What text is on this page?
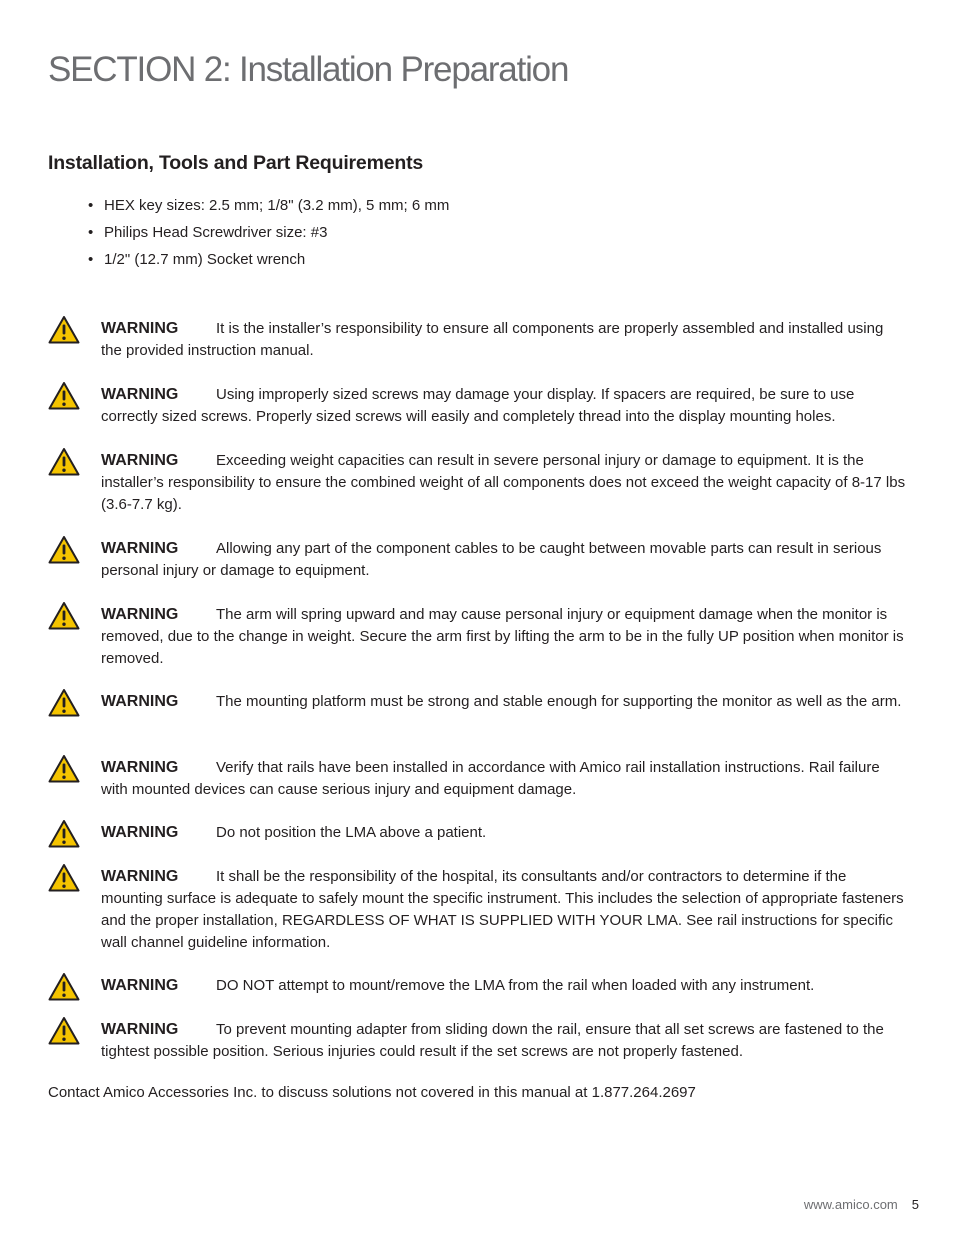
SECTION 2: Installation Preparation
Installation, Tools and Part Requirements
• HEX key sizes: 2.5 mm; 1/8" (3.2 mm), 5 mm; 6 mm
• Philips Head Screwdriver size: #3
• 1/2" (12.7 mm) Socket wrench

WARNING	It is the installer’s responsibility to ensure all components are properly assembled and installed using the provided instruction manual.

WARNING	Using improperly sized screws may damage your display. If spacers are required, be sure to use correctly sized screws. Properly sized screws will easily and completely thread into the display mounting holes.

WARNING	Exceeding weight capacities can result in severe personal injury or damage to equipment. It is the installer’s responsibility to ensure the combined weight of all components does not exceed the weight capacity of 8-17 lbs (3.6-7.7 kg).

WARNING	Allowing any part of the component cables to be caught between movable parts can result in serious personal injury or damage to equipment.

WARNING	The arm will spring upward and may cause personal injury or equipment damage when the monitor is removed, due to the change in weight. Secure the arm first by lifting the arm to be in the fully UP position when monitor is removed.

WARNING	The mounting platform must be strong and stable enough for supporting the monitor as well as the arm.

WARNING	Verify that rails have been installed in accordance with Amico rail installation instructions. Rail failure with mounted devices can cause serious injury and equipment damage.

WARNING	Do not position the LMA above a patient.

WARNING	It shall be the responsibility of the hospital, its consultants and/or contractors to determine if the mounting surface is adequate to safely mount the specific instrument. This includes the selection of appropriate fasteners and the proper installation, REGARDLESS OF WHAT IS SUPPLIED WITH YOUR LMA. See rail instructions for specific wall channel guideline information.

WARNING	DO NOT attempt to mount/remove the LMA from the rail when loaded with any instrument.

WARNING	To prevent mounting adapter from sliding down the rail, ensure that all set screws are fastened to the tightest possible position. Serious injuries could result if the set screws are not properly fastened.

Contact Amico Accessories Inc. to discuss solutions not covered in this manual at 1.877.264.2697

www.amico.com 5
